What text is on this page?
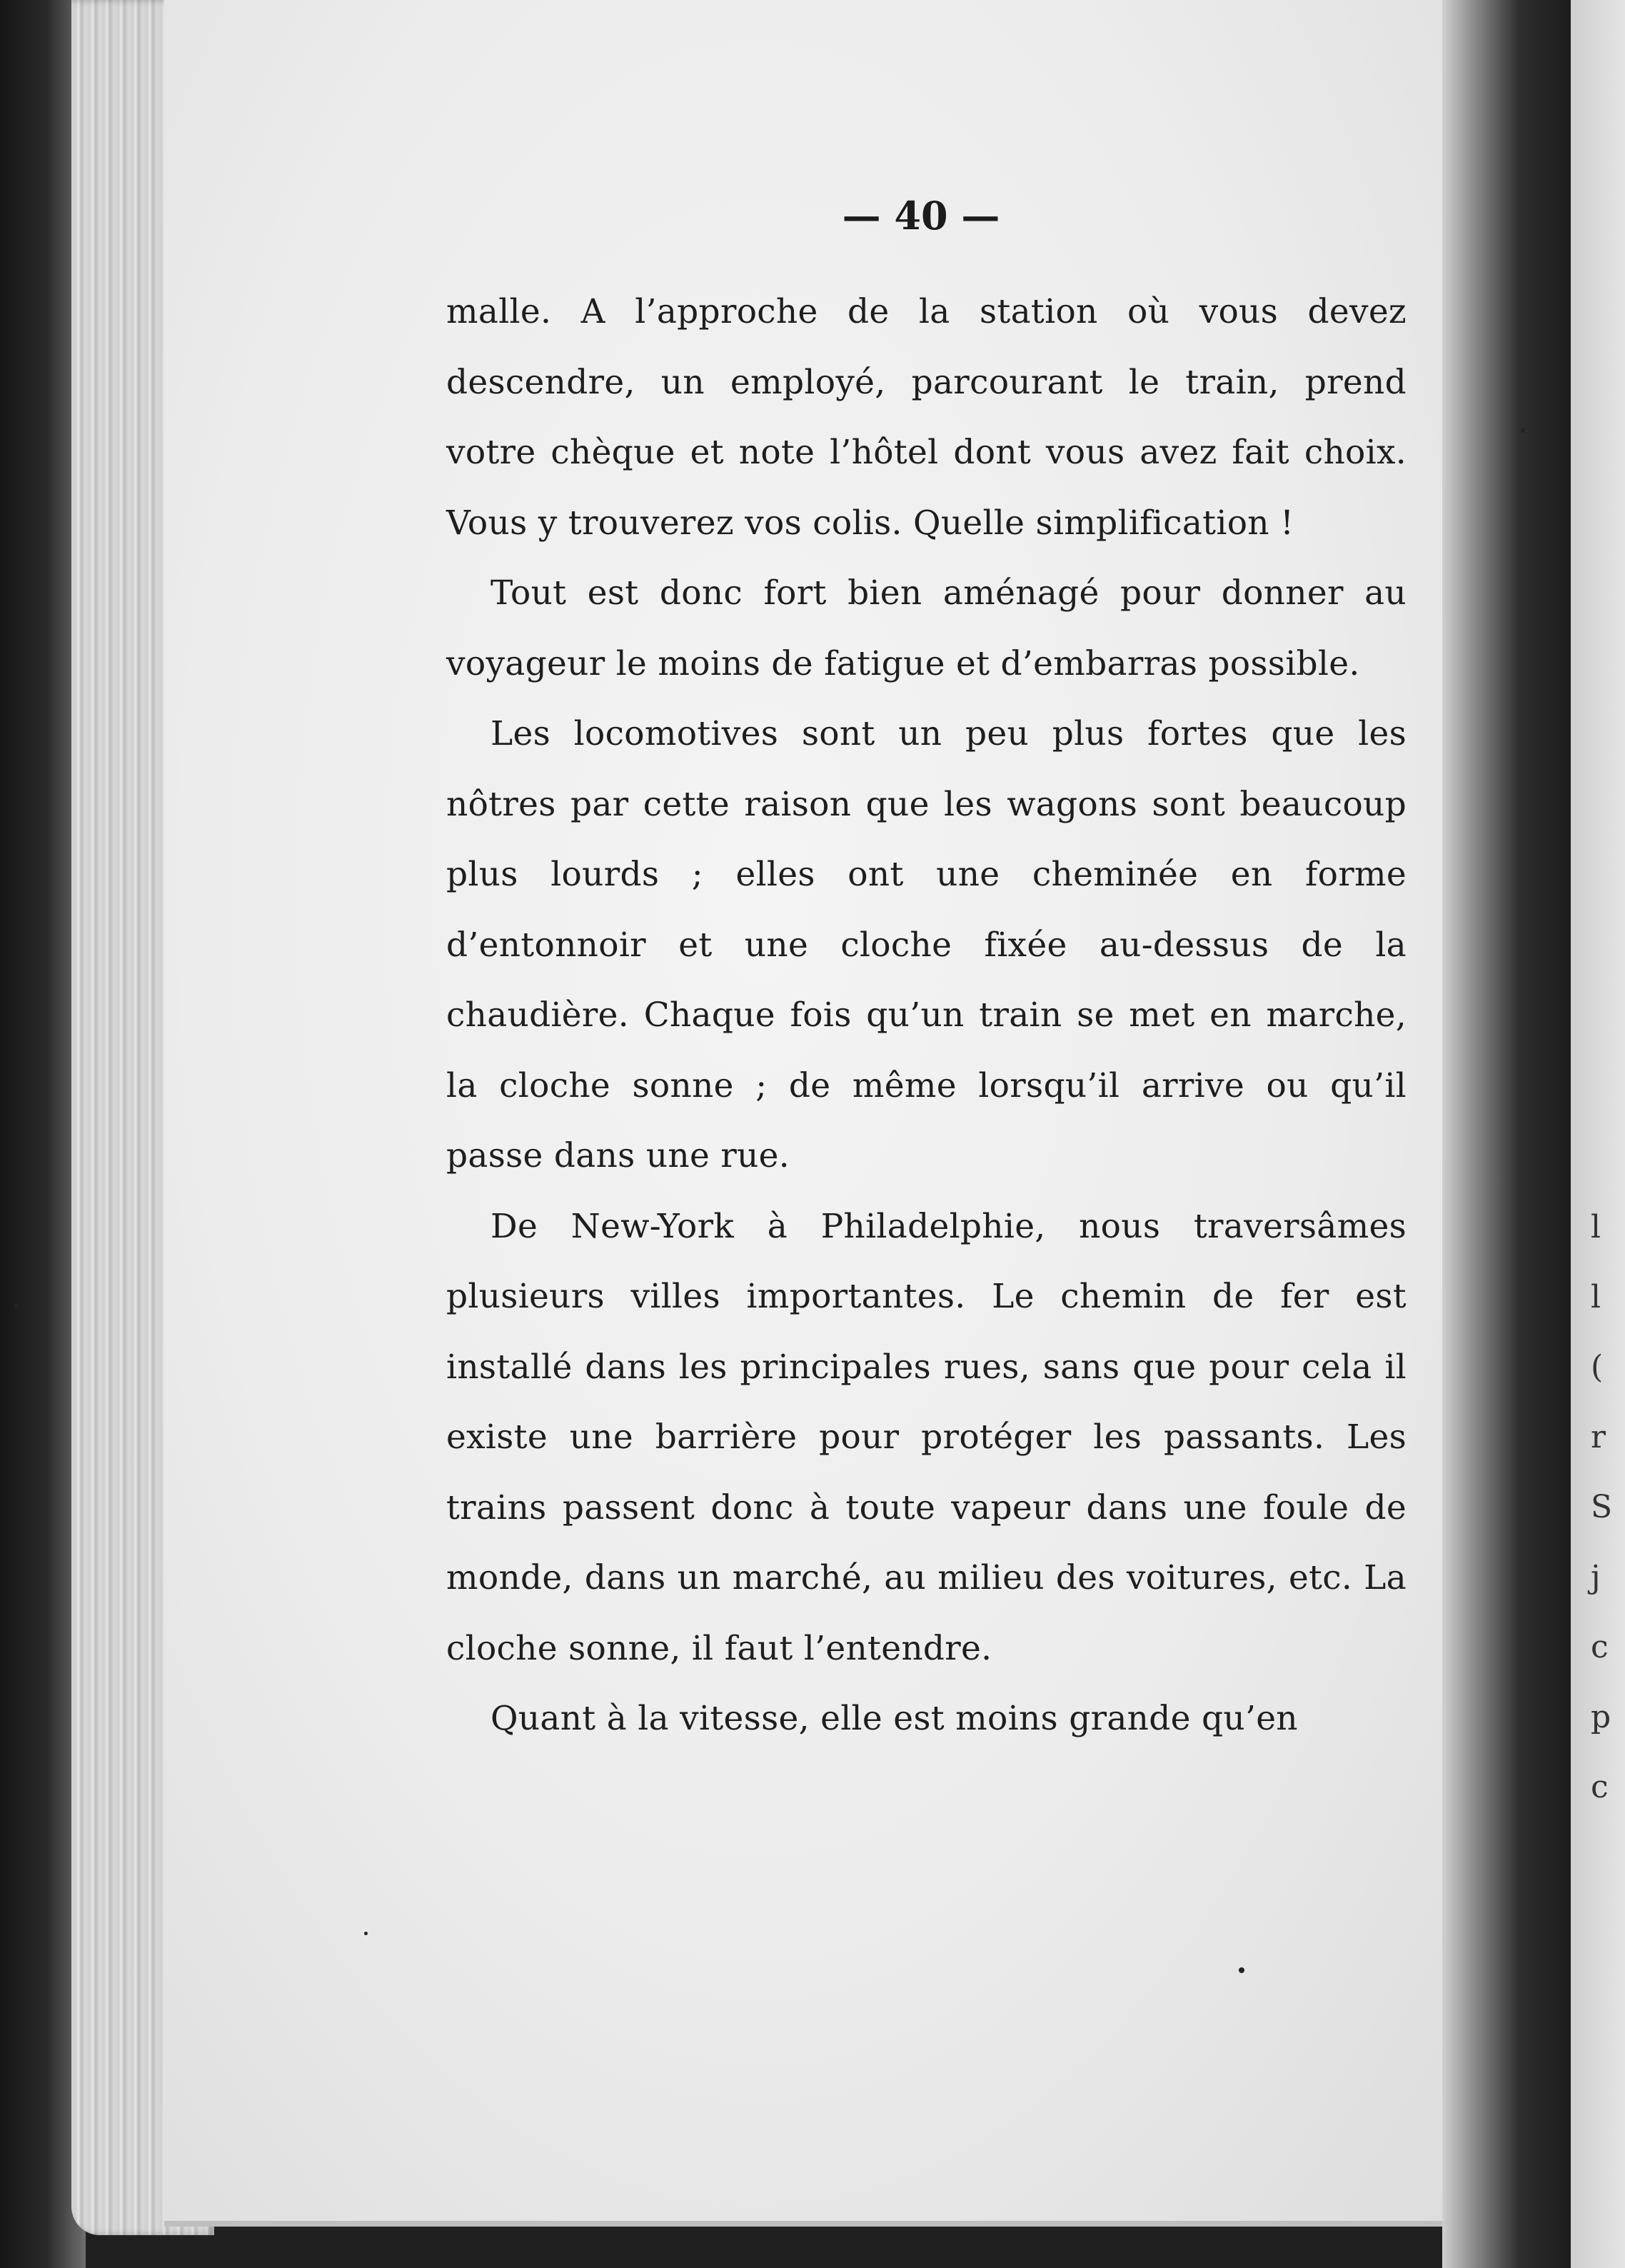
l
l
(
r
S
j
c
p
c
— 40 —

malle. A l’approche de la station où vous devez descendre, un employé, parcourant le train, prend votre chèque et note l’hôtel dont vous avez fait choix. Vous y trouverez vos colis. Quelle simplification !

Tout est donc fort bien aménagé pour donner au voyageur le moins de fatigue et d’embarras possible.

Les locomotives sont un peu plus fortes que les nôtres par cette raison que les wagons sont beaucoup plus lourds ; elles ont une cheminée en forme d’entonnoir et une cloche fixée au-dessus de la chaudière. Chaque fois qu’un train se met en marche, la cloche sonne ; de même lorsqu’il arrive ou qu’il passe dans une rue.

De New-York à Philadelphie, nous traversâmes plusieurs villes importantes. Le chemin de fer est installé dans les principales rues, sans que pour cela il existe une barrière pour protéger les passants. Les trains passent donc à toute vapeur dans une foule de monde, dans un marché, au milieu des voitures, etc. La cloche sonne, il faut l’entendre.

Quant à la vitesse, elle est moins grande qu’en
